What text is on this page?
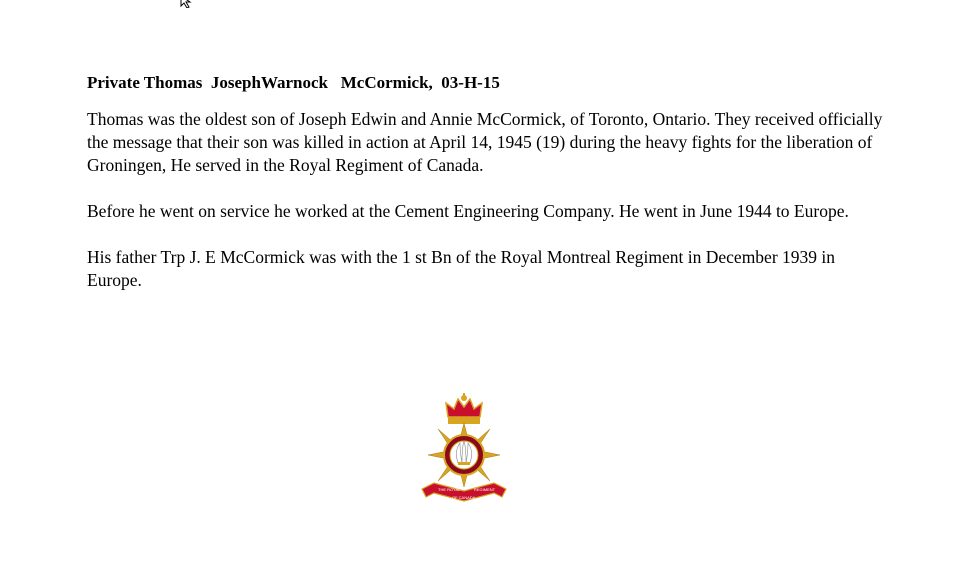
Private Thomas  JosephWarnock   McCormick,  03-H-15

Thomas was the oldest son of Joseph Edwin and Annie McCormick, of Toronto, Ontario. They received officially the message that their son was killed in action at April 14, 1945 (19) during the heavy fights for the liberation of Groningen, He served in the Royal Regiment of Canada.

Before he went on service he worked at the Cement Engineering Company. He went in June 1944 to Europe.

His father Trp J. E McCormick was with the 1 st Bn of the Royal Montreal Regiment in December 1939 in Europe.

THE ROYAL	REGIMENT
OF CANADA
